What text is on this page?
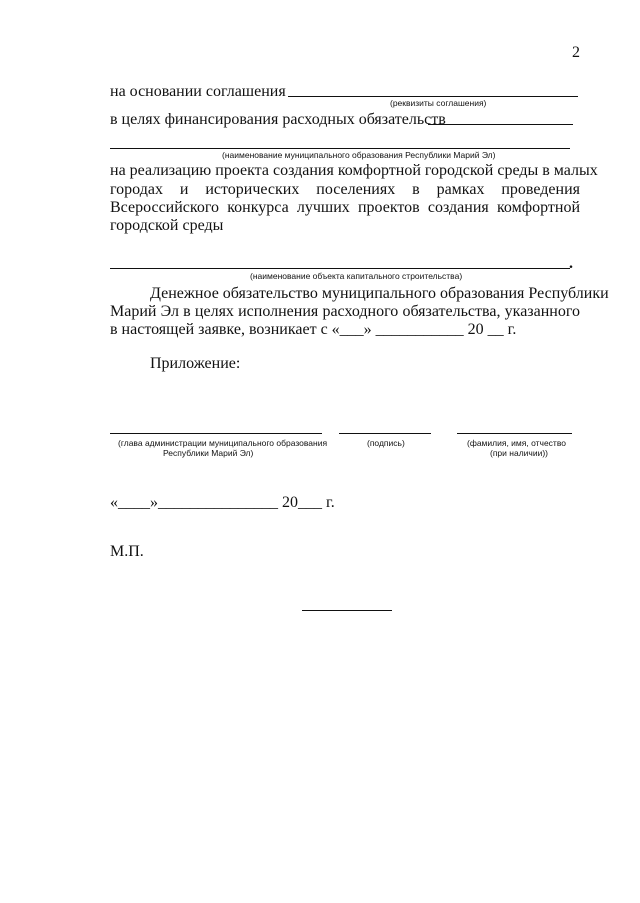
2
на основании соглашения
(реквизиты соглашения)
в целях финансирования расходных обязательств
(наименование муниципального образования Республики Марий Эл)
на реализацию проекта создания комфортной городской среды в малых
городах и исторических поселениях в рамках проведения
Всероссийского конкурса лучших проектов создания комфортной
городской среды
.
(наименование объекта капитального строительства)
Денежное обязательство муниципального образования Республики
Марий Эл в целях исполнения расходного обязательства, указанного
в настоящей заявке, возникает с «___» ___________ 20 __ г.
Приложение:
(глава администрации муниципального образования
Республики Марий Эл)
(подпись)	(фамилия, имя, отчество
(при наличии))
«____»_______________ 20___ г.
М.П.
